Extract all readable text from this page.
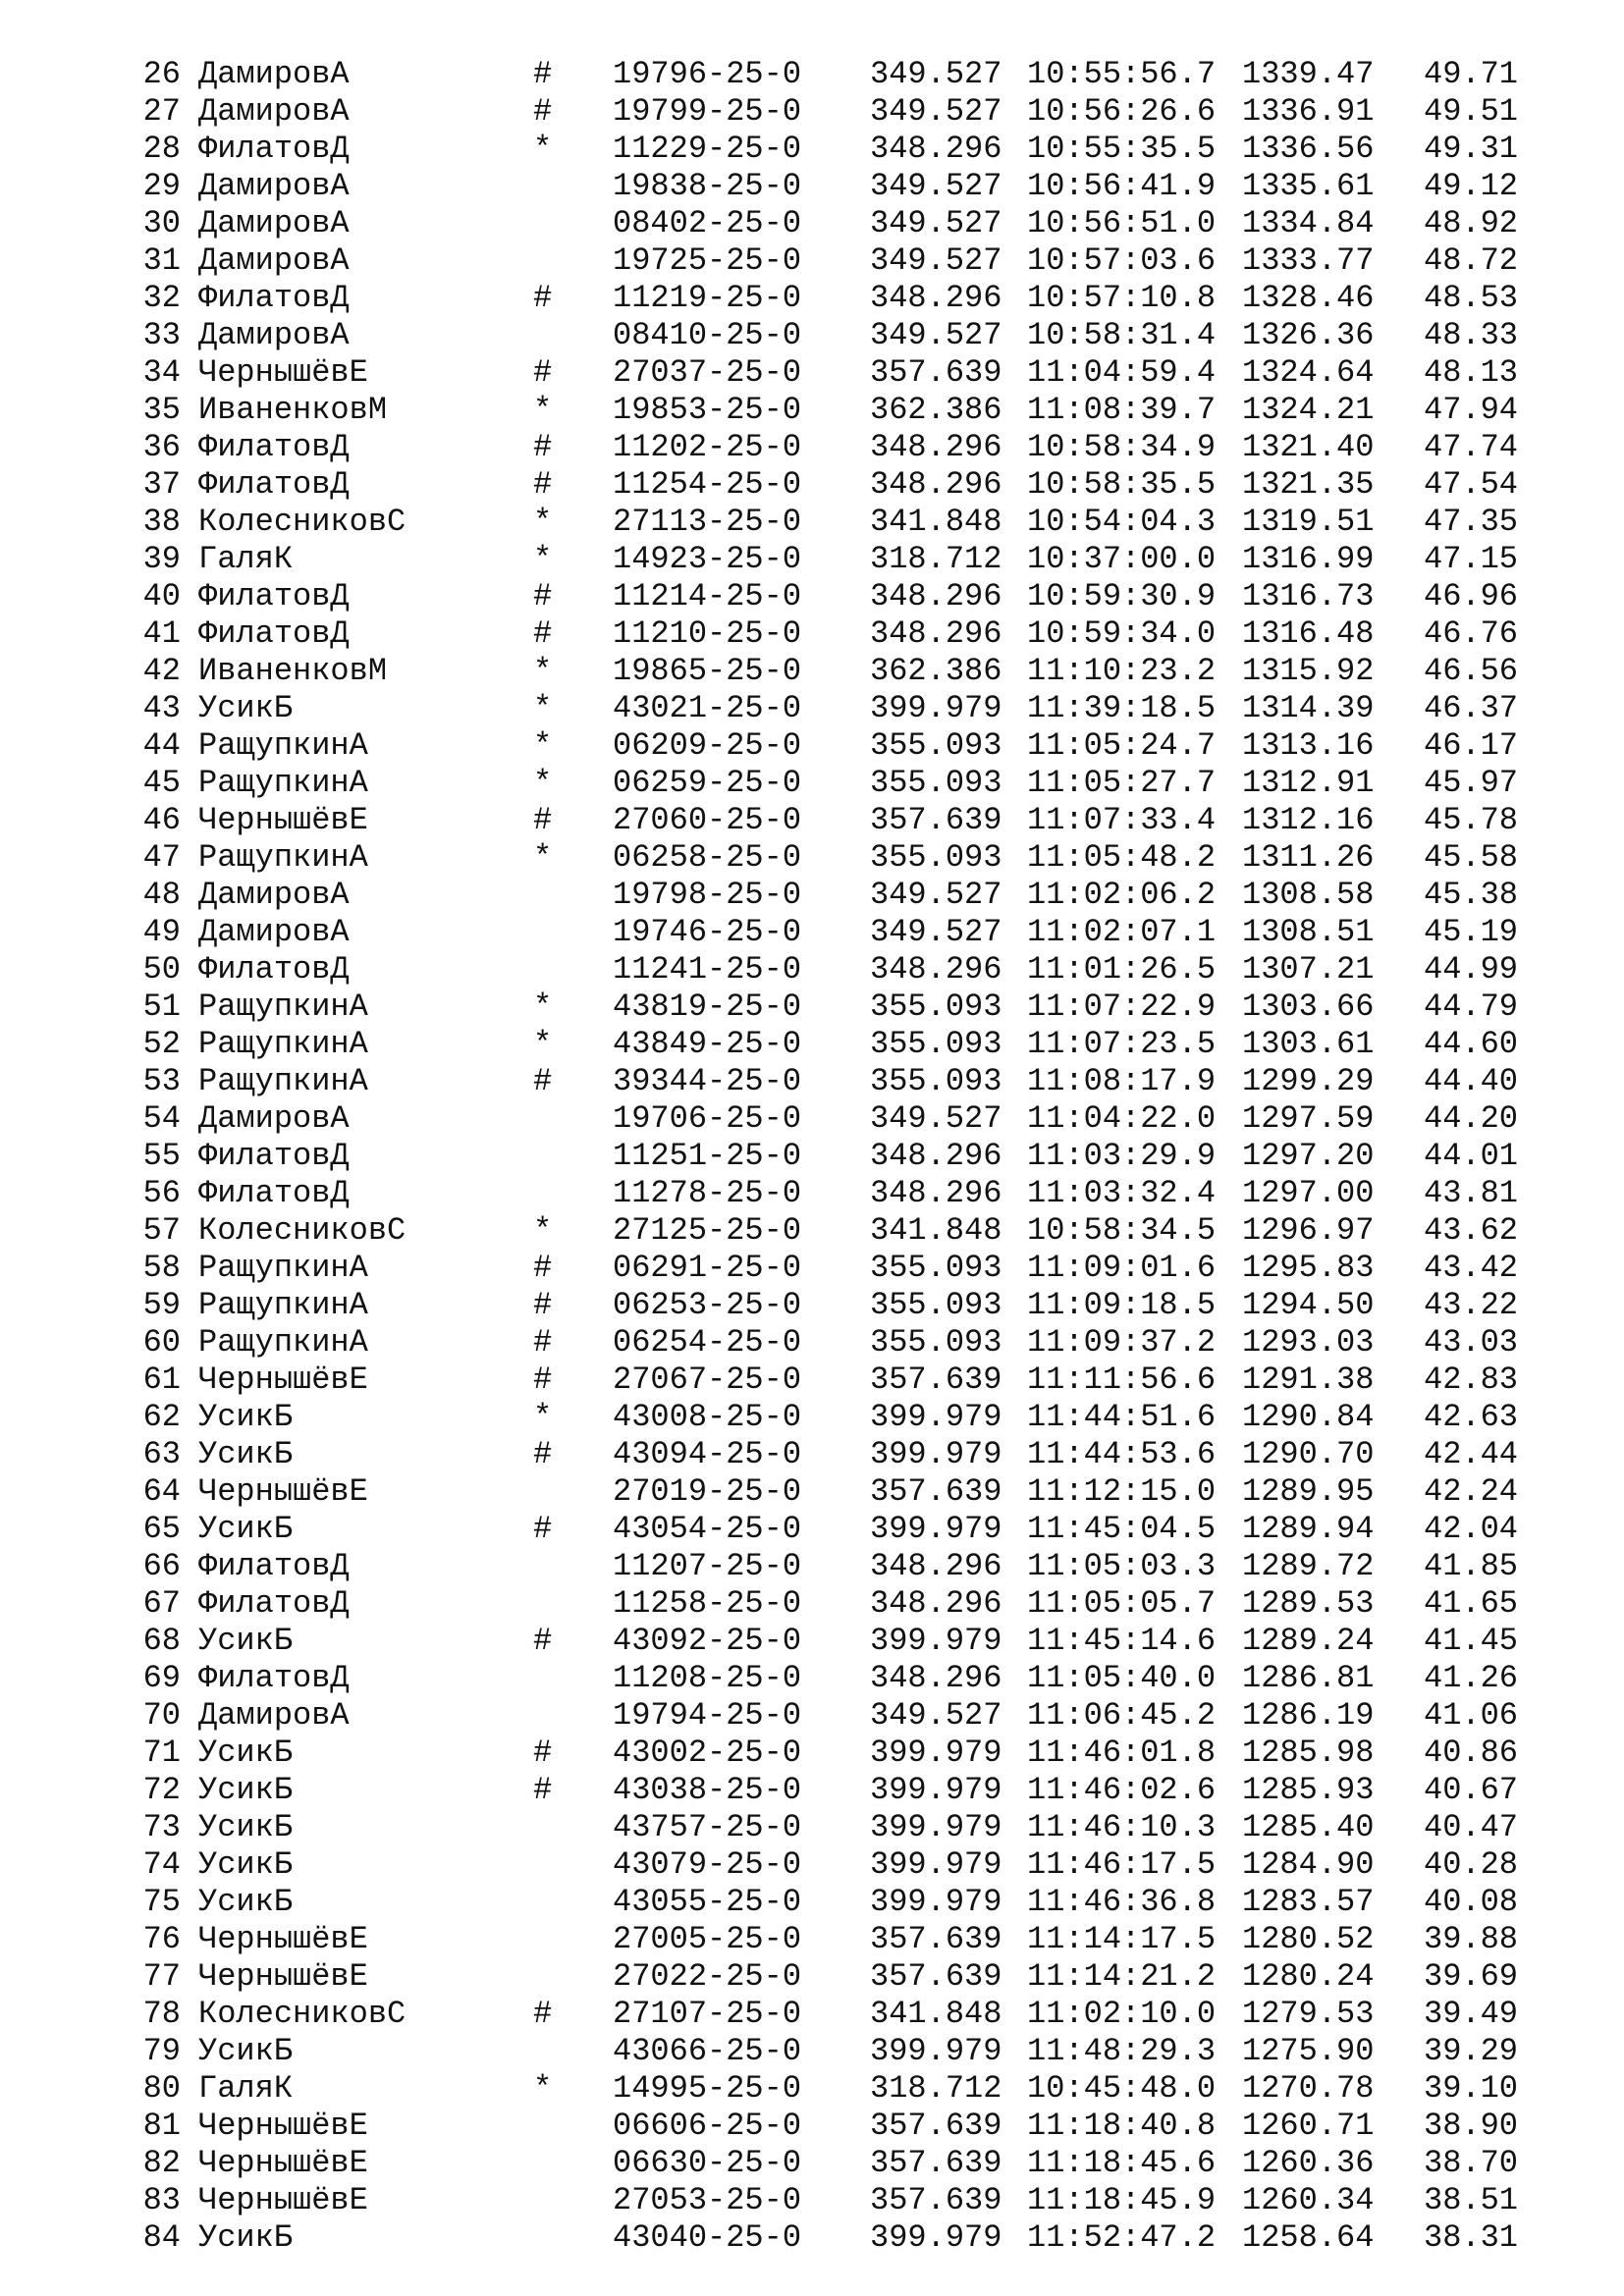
26 ДамировА	# 19796-25-0 349.527 10:55:56.7 1339.47	49.71
27 ДамировА	# 19799-25-0 349.527 10:56:26.6 1336.91	49.51
28 ФилатовД	* 11229-25-0 348.296 10:55:35.5 1336.56	49.31
29 ДамировА	19838-25-0 349.527 10:56:41.9 1335.61	49.12
30 ДамировА	08402-25-0 349.527 10:56:51.0 1334.84	48.92
31 ДамировА	19725-25-0 349.527 10:57:03.6 1333.77	48.72
32 ФилатовД	# 11219-25-0 348.296 10:57:10.8 1328.46	48.53
33 ДамировА	08410-25-0 349.527 10:58:31.4 1326.36	48.33
34 ЧернышёвЕ	# 27037-25-0 357.639 11:04:59.4 1324.64	48.13
35 ИваненковМ	* 19853-25-0 362.386 11:08:39.7 1324.21	47.94
36 ФилатовД	# 11202-25-0 348.296 10:58:34.9 1321.40	47.74
37 ФилатовД	# 11254-25-0 348.296 10:58:35.5 1321.35	47.54
38 КолесниковС	* 27113-25-0 341.848 10:54:04.3 1319.51	47.35
39 ГаляК	* 14923-25-0 318.712 10:37:00.0 1316.99	47.15
40 ФилатовД	# 11214-25-0 348.296 10:59:30.9 1316.73	46.96
41 ФилатовД	# 11210-25-0 348.296 10:59:34.0 1316.48	46.76
42 ИваненковМ	* 19865-25-0 362.386 11:10:23.2 1315.92	46.56
43 УсикБ	* 43021-25-0 399.979 11:39:18.5 1314.39	46.37
44 РащупкинА	* 06209-25-0 355.093 11:05:24.7 1313.16	46.17
45 РащупкинА	* 06259-25-0 355.093 11:05:27.7 1312.91	45.97
46 ЧернышёвЕ	# 27060-25-0 357.639 11:07:33.4 1312.16	45.78
47 РащупкинА	* 06258-25-0 355.093 11:05:48.2 1311.26	45.58
48 ДамировА	19798-25-0 349.527 11:02:06.2 1308.58	45.38
49 ДамировА	19746-25-0 349.527 11:02:07.1 1308.51	45.19
50 ФилатовД	11241-25-0 348.296 11:01:26.5 1307.21	44.99
51 РащупкинА	* 43819-25-0 355.093 11:07:22.9 1303.66	44.79
52 РащупкинА	* 43849-25-0 355.093 11:07:23.5 1303.61	44.60
53 РащупкинА	# 39344-25-0 355.093 11:08:17.9 1299.29	44.40
54 ДамировА	19706-25-0 349.527 11:04:22.0 1297.59	44.20
55 ФилатовД	11251-25-0 348.296 11:03:29.9 1297.20	44.01
56 ФилатовД	11278-25-0 348.296 11:03:32.4 1297.00	43.81
57 КолесниковС	* 27125-25-0 341.848 10:58:34.5 1296.97	43.62
58 РащупкинА	# 06291-25-0 355.093 11:09:01.6 1295.83	43.42
59 РащупкинА	# 06253-25-0 355.093 11:09:18.5 1294.50	43.22
60 РащупкинА	# 06254-25-0 355.093 11:09:37.2 1293.03	43.03
61 ЧернышёвЕ	# 27067-25-0 357.639 11:11:56.6 1291.38	42.83
62 УсикБ	* 43008-25-0 399.979 11:44:51.6 1290.84	42.63
63 УсикБ	# 43094-25-0 399.979 11:44:53.6 1290.70	42.44
64 ЧернышёвЕ	27019-25-0 357.639 11:12:15.0 1289.95	42.24
65 УсикБ	# 43054-25-0 399.979 11:45:04.5 1289.94	42.04
66 ФилатовД	11207-25-0 348.296 11:05:03.3 1289.72	41.85
67 ФилатовД	11258-25-0 348.296 11:05:05.7 1289.53	41.65
68 УсикБ	# 43092-25-0 399.979 11:45:14.6 1289.24	41.45
69 ФилатовД	11208-25-0 348.296 11:05:40.0 1286.81	41.26
70 ДамировА	19794-25-0 349.527 11:06:45.2 1286.19	41.06
71 УсикБ	# 43002-25-0 399.979 11:46:01.8 1285.98	40.86
72 УсикБ	# 43038-25-0 399.979 11:46:02.6 1285.93	40.67
73 УсикБ	43757-25-0 399.979 11:46:10.3 1285.40	40.47
74 УсикБ	43079-25-0 399.979 11:46:17.5 1284.90	40.28
75 УсикБ	43055-25-0 399.979 11:46:36.8 1283.57	40.08
76 ЧернышёвЕ	27005-25-0 357.639 11:14:17.5 1280.52	39.88
77 ЧернышёвЕ	27022-25-0 357.639 11:14:21.2 1280.24	39.69
78 КолесниковС	# 27107-25-0 341.848 11:02:10.0 1279.53	39.49
79 УсикБ	43066-25-0 399.979 11:48:29.3 1275.90	39.29
80 ГаляК	* 14995-25-0 318.712 10:45:48.0 1270.78	39.10
81 ЧернышёвЕ	06606-25-0 357.639 11:18:40.8 1260.71	38.90
82 ЧернышёвЕ	06630-25-0 357.639 11:18:45.6 1260.36	38.70
83 ЧернышёвЕ	27053-25-0 357.639 11:18:45.9 1260.34	38.51
84 УсикБ	43040-25-0 399.979 11:52:47.2 1258.64	38.31
